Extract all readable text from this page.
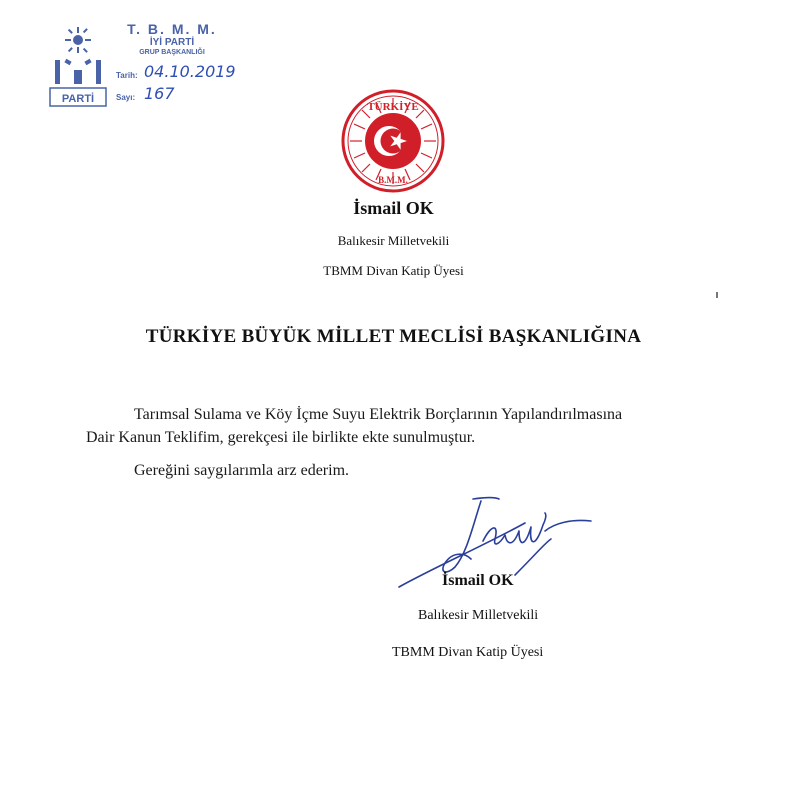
PARTİ
T. B. M. M.
İYİ PARTİ
GRUP BAŞKANLIĞI
Tarih: 04.10.2019
Sayı: 167
TÜRKİYE
B.M.M.
İsmail OK
Balıkesir Milletvekili
TBMM Divan Katip Üyesi
TÜRKİYE BÜYÜK MİLLET MECLİSİ BAŞKANLIĞINA
Tarımsal Sulama ve Köy İçme Suyu Elektrik Borçlarının Yapılandırılmasına
Dair Kanun Teklifim, gerekçesi ile birlikte ekte sunulmuştur.
Gereğini saygılarımla arz ederim.
İsmail OK
Balıkesir Milletvekili
TBMM Divan Katip Üyesi
